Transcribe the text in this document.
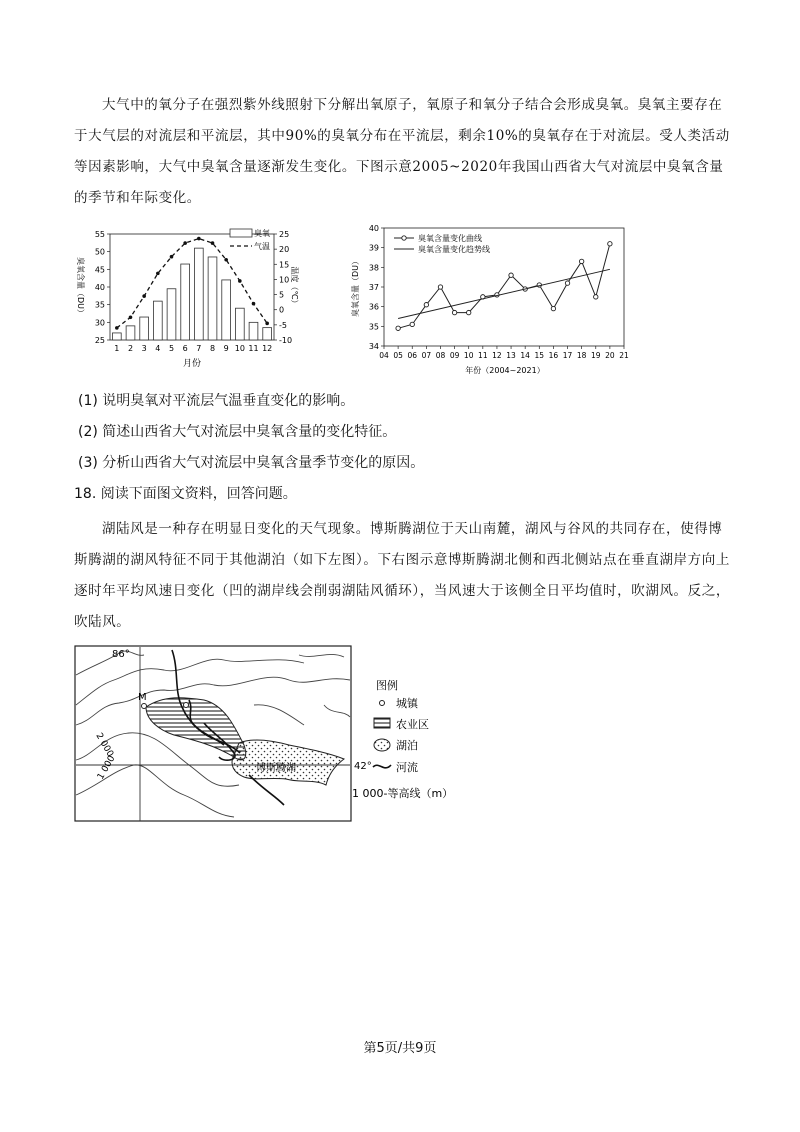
大气中的氧分子在强烈紫外线照射下分解出氧原子，氧原子和氧分子结合会形成臭氧。臭氧主要存在于大气层的对流层和平流层，其中90%的臭氧分布在平流层，剩余10%的臭氧存在于对流层。受人类活动等因素影响，大气中臭氧含量逐渐发生变化。下图示意2005~2020年我国山西省大气对流层中臭氧含量的季节和年际变化。
25
30
35
40
45
50
55
-10
-5
0
5
10
15
20
25
1 2 3 4 5 6 7 8 9 10 11 12
月份
臭氧含量（DU）	温度（℃）
臭氧
气温
34
35
36
37
38
39
40
04 05 06 07 08 09 10 11 12 13 14 15 16 17 18 19 20 21
年份（2004~2021）
臭氧含量（DU）
臭氧含量变化曲线
臭氧含量变化趋势线
(1) 说明臭氧对平流层气温垂直变化的影响。
(2) 简述山西省大气对流层中臭氧含量的变化特征。
(3) 分析山西省大气对流层中臭氧含量季节变化的原因。
18. 阅读下面图文资料，回答问题。
湖陆风是一种存在明显日变化的天气现象。博斯腾湖位于天山南麓，湖风与谷风的共同存在，使得博斯腾湖的湖风特征不同于其他湖泊（如下左图）。下右图示意博斯腾湖北侧和西北侧站点在垂直湖岸方向上逐时年平均风速日变化（凹的湖岸线会削弱湖陆风循环），当风速大于该侧全日平均值时，吹湖风。反之，吹陆风。
86°
42°
M
2 000
1 000	博斯腾湖
图例
城镇
农业区
湖泊
河流
1 000-等高线（m）
第5页/共9页
